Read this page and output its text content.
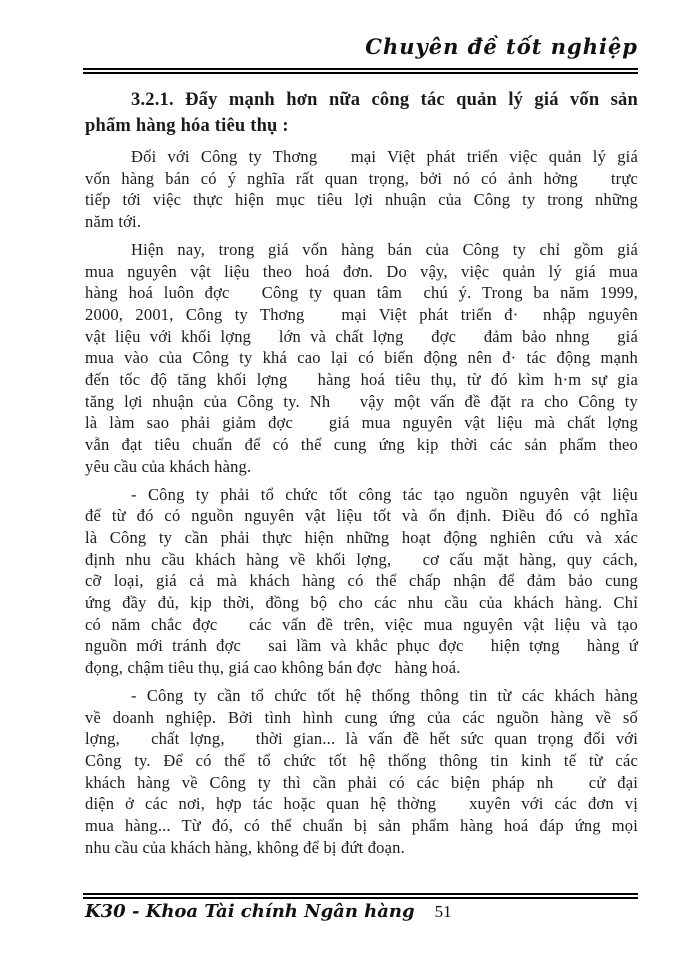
Chuyên đề tốt nghiệp
3.2.1. Đẩy mạnh hơn nữa công tác quản lý giá vốn sản
phẩm hàng hóa tiêu thụ :
Đối với Công ty Thơng   mại Việt phát triển việc quản lý giá
vốn hàng bán có ý nghĩa rất quan trọng, bởi nó có ảnh hởng   trực
tiếp tới việc thực hiện mục tiêu lợi nhuận của Công ty trong những
năm tới.
Hiện nay, trong giá vốn hàng bán của Công ty chỉ gồm giá
mua nguyên vật liệu theo hoá đơn. Do vậy, việc quản lý giá mua
hàng hoá luôn đợc   Công ty quan tâm  chú ý. Trong ba năm 1999,
2000, 2001, Công ty Thơng   mại Việt phát triển đ·  nhập nguyên
vật liệu với khối lợng   lớn và chất lợng   đợc   đảm bảo nhng   giá
mua vào của Công ty khá cao lại có biến động nên đ· tác động mạnh
đến tốc độ tăng khối lợng   hàng hoá tiêu thụ, từ đó kìm h·m sự gia
tăng lợi nhuận của Công ty. Nh   vậy một vấn đề đặt ra cho Công ty
là làm sao phải giảm đợc   giá mua nguyên vật liệu mà chất lợng
vẫn đạt tiêu chuẩn để có thể cung ứng kịp thời các sản phẩm theo
yêu cầu của khách hàng.
- Công ty phải tổ chức tốt công tác tạo nguồn nguyên vật liệu
để từ đó có nguồn nguyên vật liệu tốt và ổn định. Điều đó có nghĩa
là Công ty cần phải thực hiện những hoạt động nghiên cứu và xác
định nhu cầu khách hàng về khối lợng,   cơ cấu mặt hàng, quy cách,
cỡ loại, giá cả mà khách hàng có thể chấp nhận để đảm bảo cung
ứng đầy đủ, kịp thời, đồng bộ cho các nhu cầu của khách hàng. Chỉ
có năm chắc đợc   các vấn đề trên, việc mua nguyên vật liệu và tạo
nguồn mới tránh đợc   sai lầm và khắc phục đợc   hiện tợng   hàng ứ
đọng, chậm tiêu thụ, giá cao không bán đợc   hàng hoá.
- Công ty cần tổ chức tốt hệ thống thông tin từ các khách hàng
về doanh nghiệp. Bởi tình hình cung ứng của các nguồn hàng về số
lợng,   chất lợng,   thời gian... là vấn đề hết sức quan trọng đối với
Công ty. Để có thể tổ chức tốt hệ thống thông tin kinh tế từ các
khách hàng về Công ty thì cần phải có các biện pháp nh   cử đại
diện ở các nơi, hợp tác hoặc quan hệ thờng   xuyên với các đơn vị
mua hàng... Từ đó, có thể chuẩn bị sản phẩm hàng hoá đáp ứng mọi
nhu cầu của khách hàng, không để bị đứt đoạn.
K30 - Khoa Tài chính Ngân hàng 51
